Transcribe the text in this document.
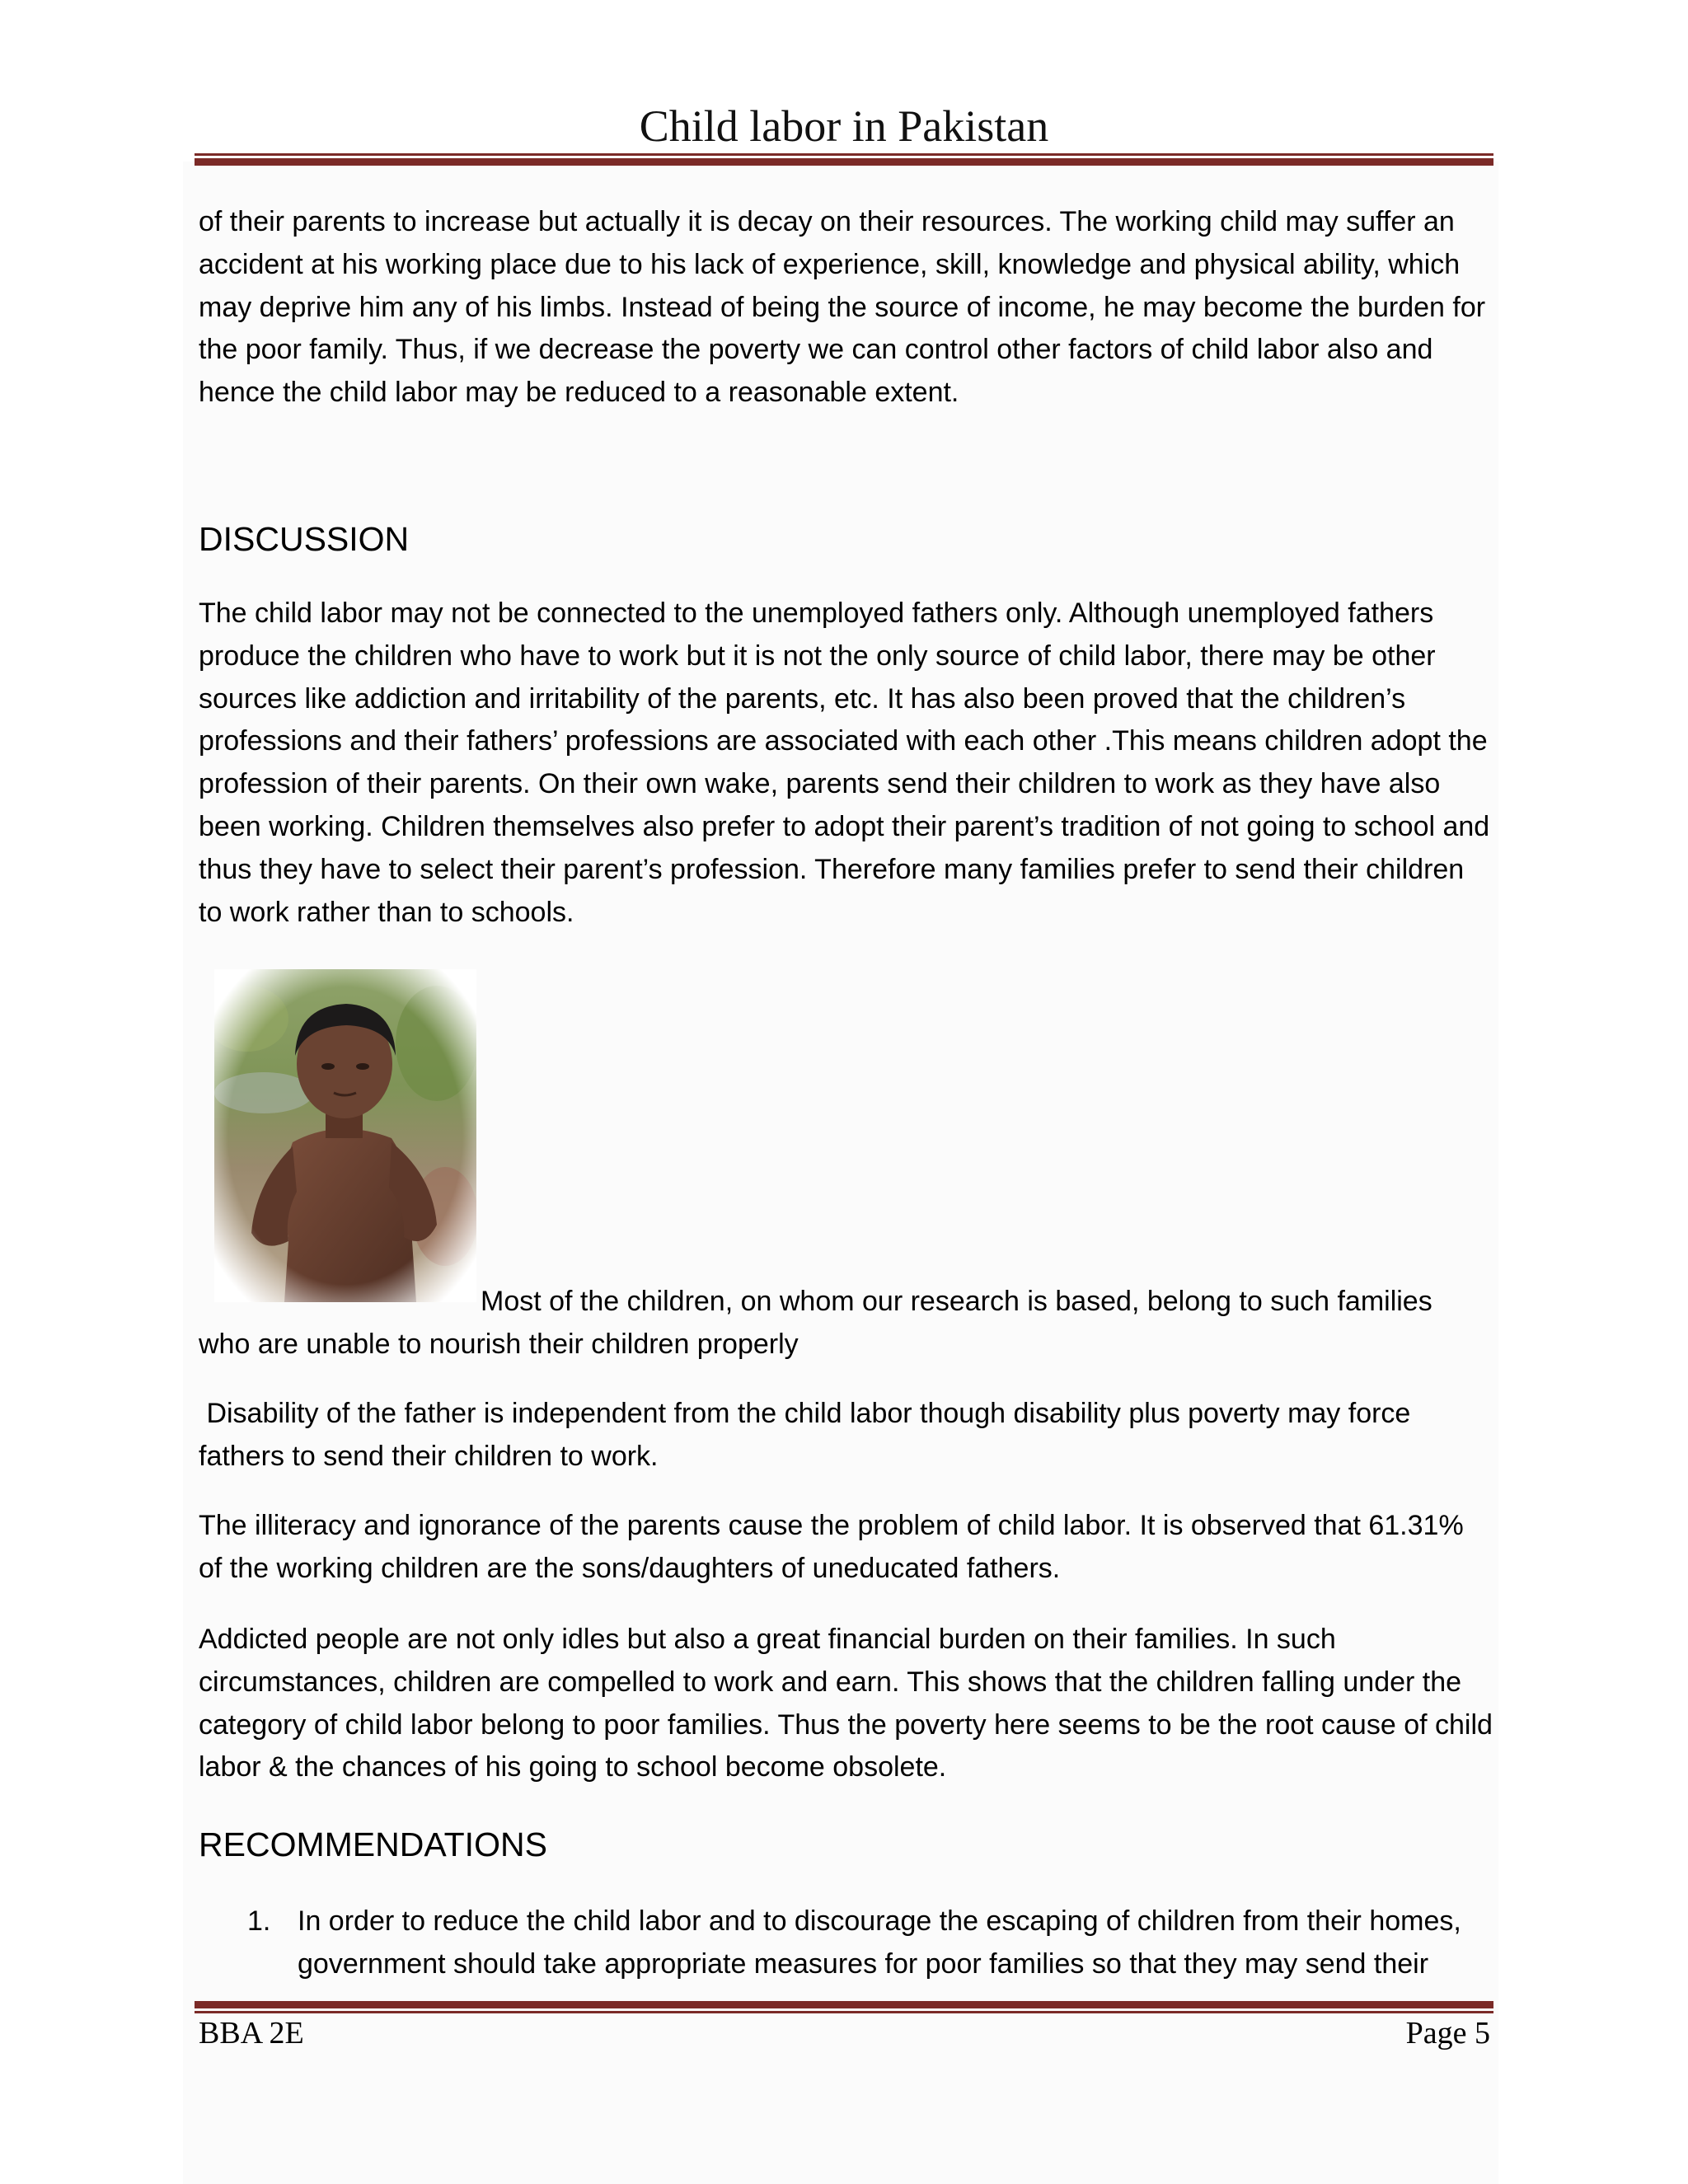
Child labor in Pakistan

of their parents to increase but actually it is decay on their resources. The working child may suffer an accident at his working place due to his lack of experience, skill, knowledge and physical ability, which may deprive him any of his limbs. Instead of being the source of income, he may become the burden for the poor family. Thus, if we decrease the poverty we can control other factors of child labor also and hence the child labor may be reduced to a reasonable extent.

DISCUSSION

The child labor may not be connected to the unemployed fathers only. Although unemployed fathers produce the children who have to work but it is not the only source of child labor, there may be other sources like addiction and irritability of the parents, etc. It has also been proved that the children’s professions and their fathers’ professions are associated with each other .This means children adopt the profession of their parents. On their own wake, parents send their children to work as they have also been working. Children themselves also prefer to adopt their parent’s tradition of not going to school and thus they have to select their parent’s profession. Therefore many families prefer to send their children to work rather than to schools.

Most of the children, on whom our research is based, belong to such families

who are unable to nourish their children properly

Disability of the father is independent from the child labor though disability plus poverty may force fathers to send their children to work.

The illiteracy and ignorance of the parents cause the problem of child labor. It is observed that 61.31% of the working children are the sons/daughters of uneducated fathers.

Addicted people are not only idles but also a great financial burden on their families. In such circumstances, children are compelled to work and earn. This shows that the children falling under the category of child labor belong to poor families. Thus the poverty here seems to be the root cause of child labor & the chances of his going to school become obsolete.

RECOMMENDATIONS
1. In order to reduce the child labor and to discourage the escaping of children from their homes, government should take appropriate measures for poor families so that they may send their
BBA 2E	Page 5
